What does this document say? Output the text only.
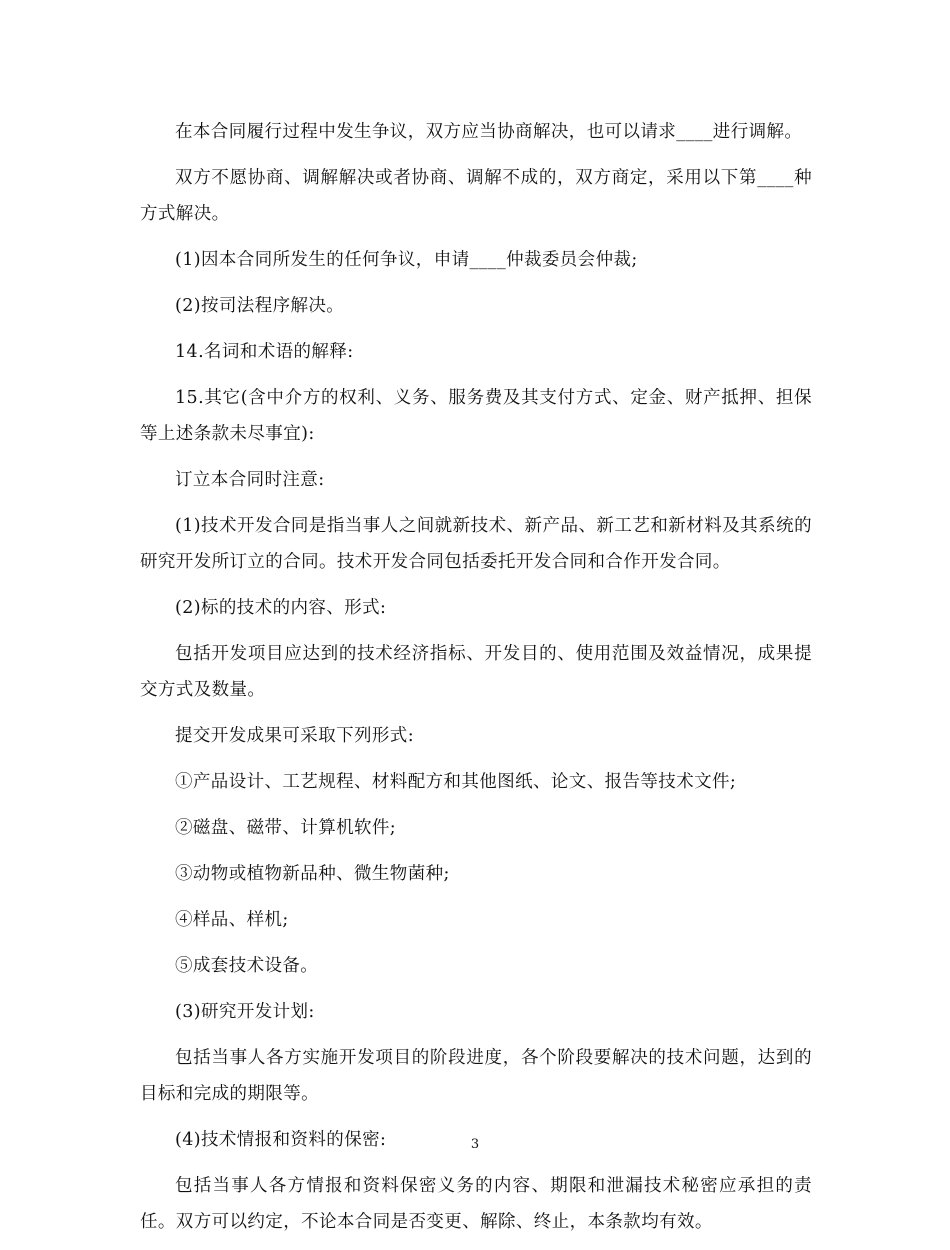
在本合同履行过程中发生争议，双方应当协商解决，也可以请求____进行调解。

双方不愿协商、调解解决或者协商、调解不成的，双方商定，采用以下第____种方式解决。

(1)因本合同所发生的任何争议，申请____仲裁委员会仲裁;

(2)按司法程序解决。

14.名词和术语的解释:

15.其它(含中介方的权利、义务、服务费及其支付方式、定金、财产抵押、担保等上述条款未尽事宜):

订立本合同时注意:

(1)技术开发合同是指当事人之间就新技术、新产品、新工艺和新材料及其系统的研究开发所订立的合同。技术开发合同包括委托开发合同和合作开发合同。

(2)标的技术的内容、形式:

包括开发项目应达到的技术经济指标、开发目的、使用范围及效益情况，成果提交方式及数量。

提交开发成果可采取下列形式:

①产品设计、工艺规程、材料配方和其他图纸、论文、报告等技术文件;

②磁盘、磁带、计算机软件;

③动物或植物新品种、微生物菌种;

④样品、样机;

⑤成套技术设备。

(3)研究开发计划:

包括当事人各方实施开发项目的阶段进度，各个阶段要解决的技术问题，达到的目标和完成的期限等。

(4)技术情报和资料的保密:

包括当事人各方情报和资料保密义务的内容、期限和泄漏技术秘密应承担的责任。双方可以约定，不论本合同是否变更、解除、终止，本条款均有效。

3
